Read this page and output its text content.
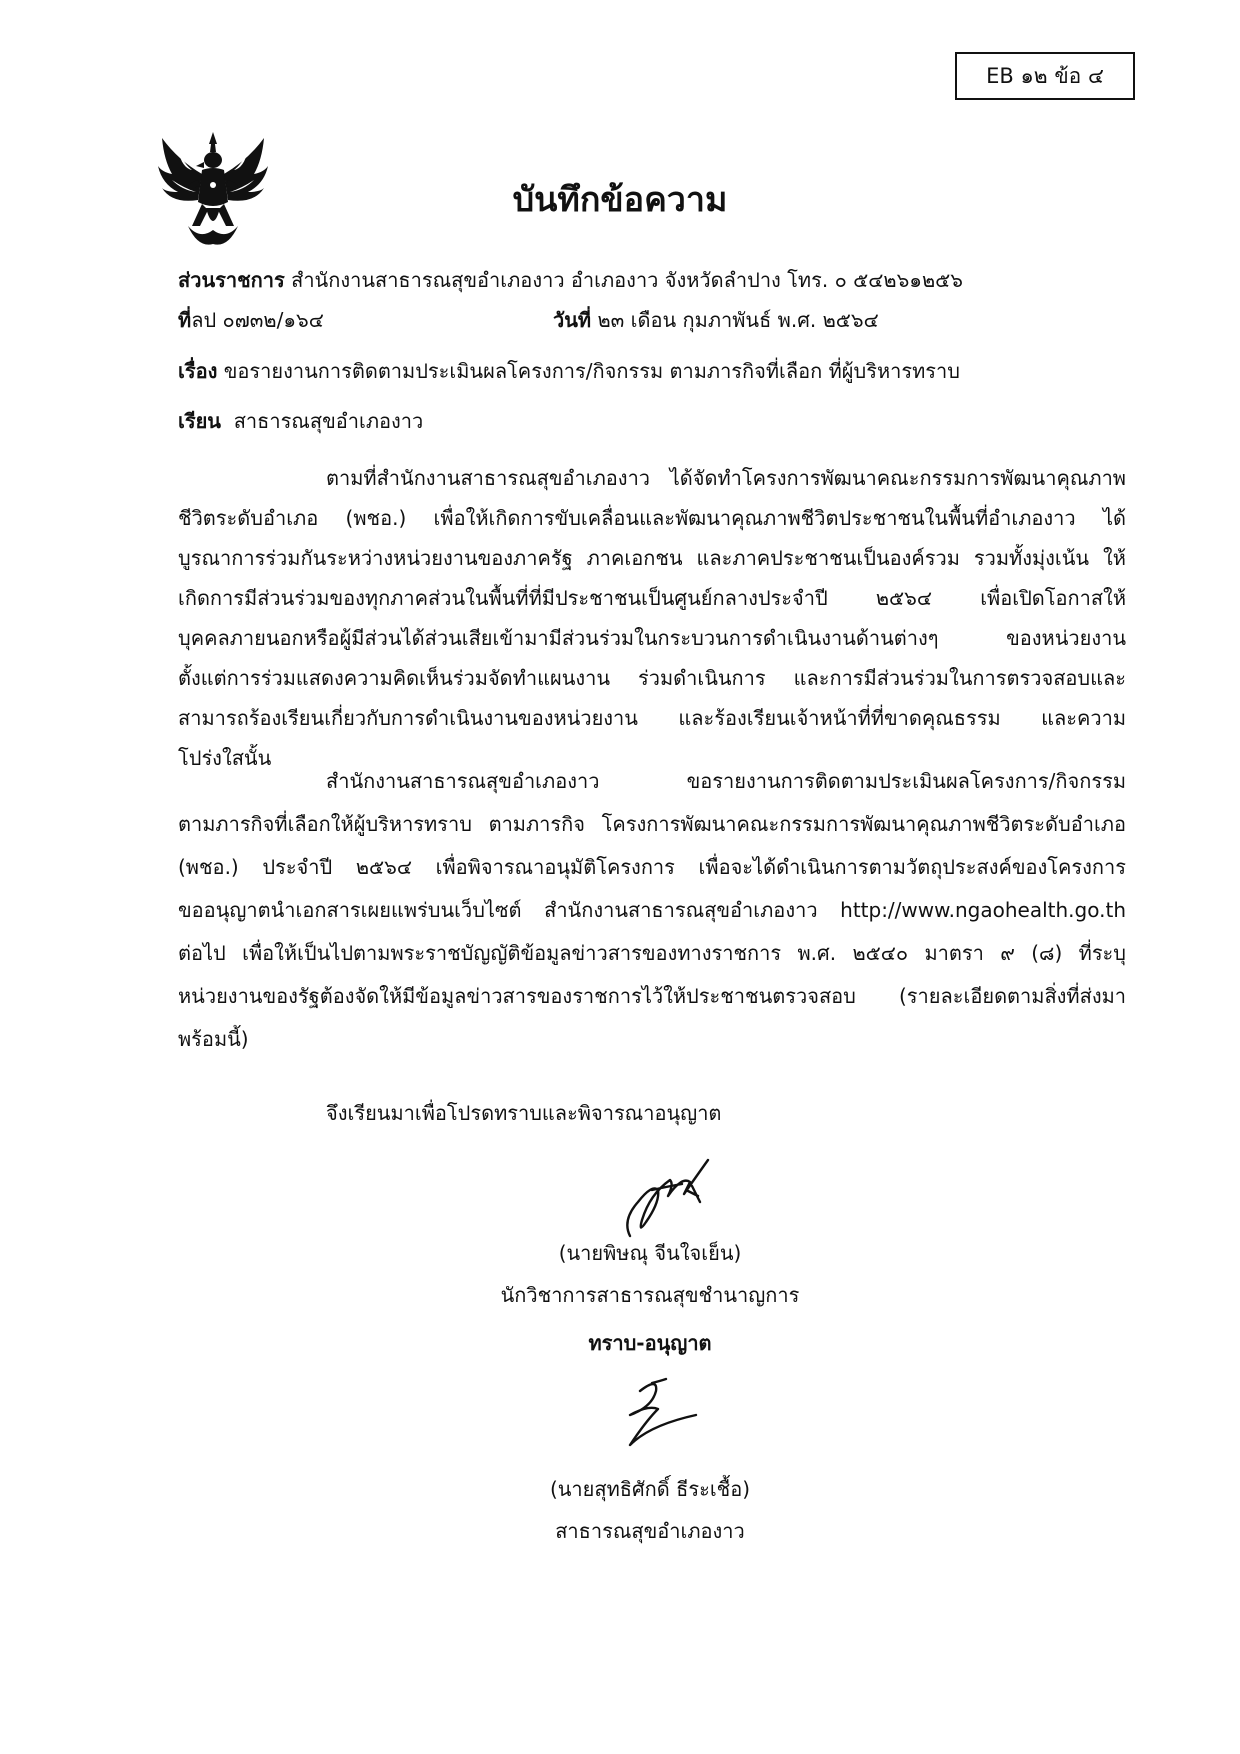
EB ๑๒ ข้อ ๔
บันทึกข้อความ
ส่วนราชการ สำนักงานสาธารณสุขอำเภองาว อำเภองาว จังหวัดลำปาง โทร. ๐ ๕๔๒๖๑๒๕๖
ที่ลป ๐๗๓๒/๑๖๔	วันที่ ๒๓ เดือน กุมภาพันธ์ พ.ศ. ๒๕๖๔
เรื่อง ขอรายงานการติดตามประเมินผลโครงการ/กิจกรรม ตามภารกิจที่เลือก ที่ผู้บริหารทราบ
เรียน สาธารณสุขอำเภองาว
ตามที่สำนักงานสาธารณสุขอำเภองาว ได้จัดทำโครงการพัฒนาคณะกรรมการพัฒนาคุณภาพ
ชีวิตระดับอำเภอ (พชอ.) เพื่อให้เกิดการขับเคลื่อนและพัฒนาคุณภาพชีวิตประชาชนในพื้นที่อำเภองาว ได้
บูรณาการร่วมกันระหว่างหน่วยงานของภาครัฐ ภาคเอกชน และภาคประชาชนเป็นองค์รวม รวมทั้งมุ่งเน้น ให้
เกิดการมีส่วนร่วมของทุกภาคส่วนในพื้นที่ที่มีประชาชนเป็นศูนย์กลางประจำปี ๒๕๖๔ เพื่อเปิดโอกาสให้
บุคคลภายนอกหรือผู้มีส่วนได้ส่วนเสียเข้ามามีส่วนร่วมในกระบวนการดำเนินงานด้านต่างๆ ของหน่วยงาน
ตั้งแต่การร่วมแสดงความคิดเห็นร่วมจัดทำแผนงาน ร่วมดำเนินการ และการมีส่วนร่วมในการตรวจสอบและ
สามารถร้องเรียนเกี่ยวกับการดำเนินงานของหน่วยงาน และร้องเรียนเจ้าหน้าที่ที่ขาดคุณธรรม และความ
โปร่งใสนั้น
สำนักงานสาธารณสุขอำเภองาว ขอรายงานการติดตามประเมินผลโครงการ/กิจกรรม
ตามภารกิจที่เลือกให้ผู้บริหารทราบ ตามภารกิจ โครงการพัฒนาคณะกรรมการพัฒนาคุณภาพชีวิตระดับอำเภอ
(พชอ.) ประจำปี ๒๕๖๔ เพื่อพิจารณาอนุมัติโครงการ เพื่อจะได้ดำเนินการตามวัตถุประสงค์ของโครงการ
ขออนุญาตนำเอกสารเผยแพร่บนเว็บไซต์ สำนักงานสาธารณสุขอำเภองาว http://www.ngaohealth.go.th
ต่อไป เพื่อให้เป็นไปตามพระราชบัญญัติข้อมูลข่าวสารของทางราชการ พ.ศ. ๒๕๔๐ มาตรา ๙ (๘) ที่ระบุ
หน่วยงานของรัฐต้องจัดให้มีข้อมูลข่าวสารของราชการไว้ให้ประชาชนตรวจสอบ (รายละเอียดตามสิ่งที่ส่งมา
พร้อมนี้)
จึงเรียนมาเพื่อโปรดทราบและพิจารณาอนุญาต
(นายพิษณุ จีนใจเย็น)
นักวิชาการสาธารณสุขชำนาญการ
ทราบ-อนุญาต
(นายสุทธิศักดิ์ ธีระเชื้อ)
สาธารณสุขอำเภองาว
